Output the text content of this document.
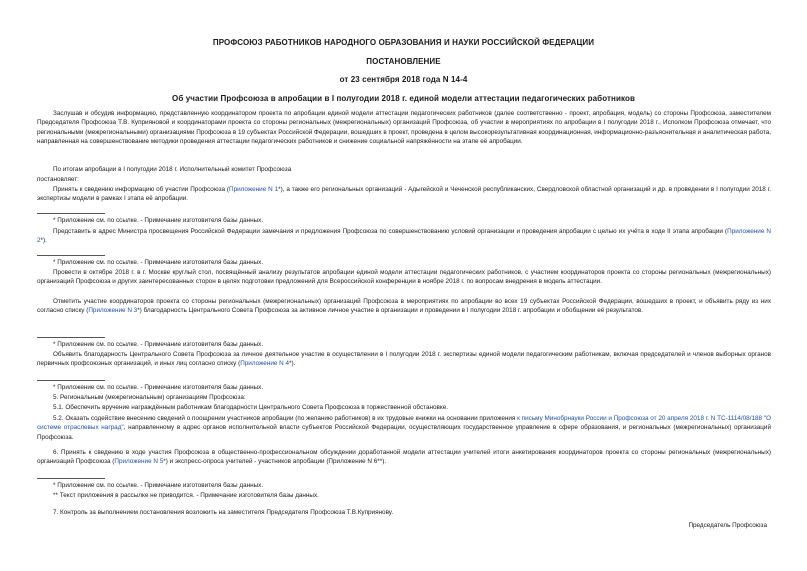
ПРОФСОЮЗ РАБОТНИКОВ НАРОДНОГО ОБРАЗОВАНИЯ И НАУКИ РОССИЙСКОЙ ФЕДЕРАЦИИ
ПОСТАНОВЛЕНИЕ
от 23 сентября 2018 года N 14-4
Об участии Профсоюза в апробации в I полугодии 2018 г. единой модели аттестации педагогических работников

Заслушав и обсудив информацию, представленную координатором проекта по апробации единой модели аттестации педагогических работников (далее соответственно - проект, апробация, модель) со стороны Профсоюза, заместителем Председателя Профсоюза Т.В. Куприяновой и координаторами проекта со стороны региональных (межрегиональных) организаций Профсоюза, об участии в мероприятиях по апробации в I полугодии 2018 г., Исполком Профсоюза отмечает, что региональными (межрегиональными) организациями Профсоюза в 19 субъектах Российской Федерации, вошедших в проект, проведена в целом высокорезультативная координационная, информационно-разъяснительная и аналитическая работа, направленная на совершенствование методики проведения аттестации педагогических работников и снижение социальной напряжённости на этапе её апробации.

По итогам апробации в I полугодии 2018 г. Исполнительный комитет Профсоюза

постановляет:

Принять к сведению информацию об участии Профсоюза (Приложение N 1*), а также его региональных организаций - Адыгейской и Чеченской республиканских, Свердловской областной организаций и др. в проведении в I полугодии 2018 г. экспертизы модели в рамках I этапа её апробации.

* Приложение см. по ссылке. - Примечание изготовителя базы данных.

Представить в адрес Министра просвещения Российской Федерации замечания и предложения Профсоюза по совершенствованию условий организации и проведения апробации с целью их учёта в ходе II этапа апробации (Приложение N 2*).

* Приложение см. по ссылке. - Примечание изготовителя базы данных.

Провести в октябре 2018 г. в г. Москве круглый стол, посвящённый анализу результатов апробации единой модели аттестации педагогических работников, с участием координаторов проекта со стороны региональных (межрегиональных) организаций Профсоюза и других заинтересованных сторон в целях подготовки предложений для Всероссийской конференции в ноябре 2018 г. по вопросам внедрения в модель аттестации.

Отметить участие координаторов проекта со стороны региональных (межрегиональных) организаций Профсоюза в мероприятиях по апробации во всех 19 субъектах Российской Федерации, вошедших в проект, и объявить ряду из них согласно списку (Приложение N 3*) благодарность Центрального Совета Профсоюза за активное личное участие в организации и проведении в I полугодии 2018 г. апробации и обобщении её результатов.

* Приложение см. по ссылке. - Примечание изготовителя базы данных.

Объявить благодарность Центрального Совета Профсоюза за личное деятельное участие в осуществлении в I полугодии 2018 г. экспертизы единой модели педагогическим работникам, включая председателей и членов выборных органов первичных профсоюзных организаций, и иных лиц согласно списку (Приложение N 4*).

* Приложение см. по ссылке. - Примечание изготовителя базы данных.

5. Региональным (межрегиональным) организациям Профсоюза:

5.1. Обеспечить вручение награждённым работникам благодарности Центрального Совета Профсоюза в торжественной обстановке.

5.2. Оказать содействие внесению сведений о поощрении участников апробации (по желанию работников) в их трудовые книжки на основании приложения к письму Минобрнауки России и Профсоюза от 20 апреля 2018 г. N ТС-1114/08/188 "О системе отраслевых наград", направленному в адрес органов исполнительной власти субъектов Российской Федерации, осуществляющих государственное управление в сфере образования, и региональных (межрегиональных) организаций Профсоюза.

6. Принять к сведению в ходе участия Профсоюза в общественно-профессиональном обсуждении доработанной модели аттестации учителей итоги анкетирования координаторов проекта со стороны региональных (межрегиональных) организаций Профсоюза (Приложение N 5*) и экспресс-опроса учителей - участников апробации (Приложение N 6**).

* Приложение см. по ссылке. - Примечание изготовителя базы данных.
** Текст приложения в рассылке не приводится. - Примечание изготовителя базы данных.

7. Контроль за выполнением постановления возложить на заместителя Председателя Профсоюза Т.В.Куприянову.

Председатель Профсоюза
